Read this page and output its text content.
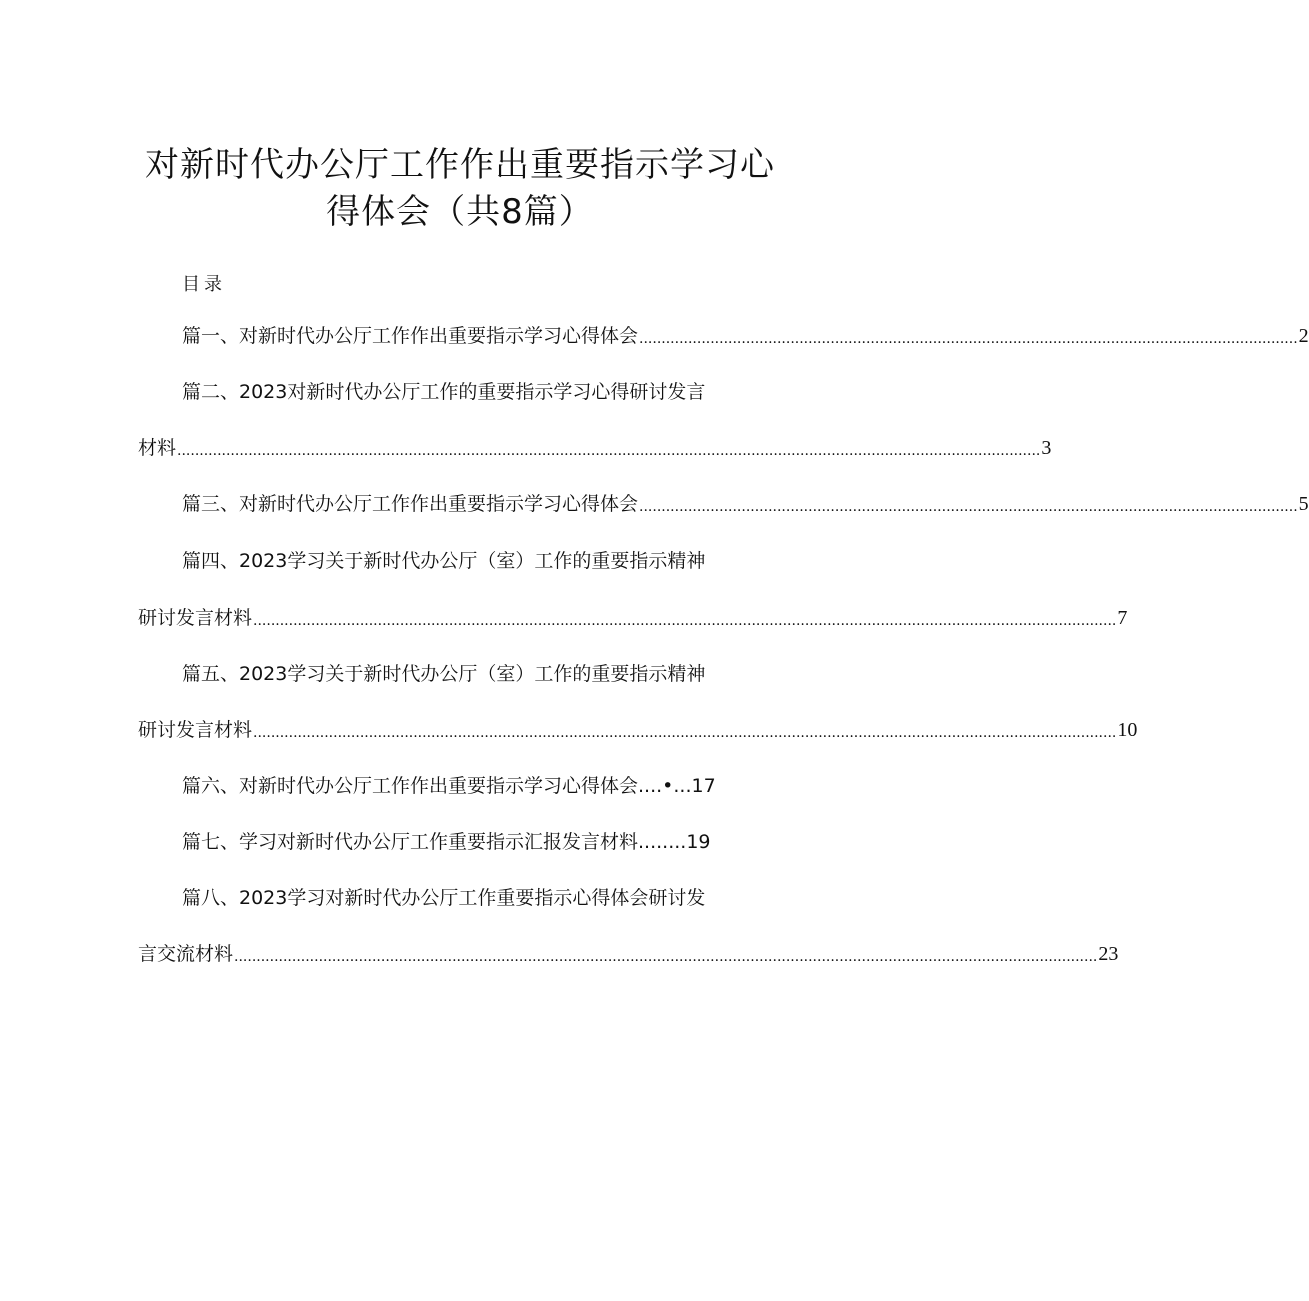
对新时代办公厅工作作出重要指示学习心
得体会（共8篇）
目录
篇一、对新时代办公厅工作作出重要指示学习心得体会 .................................................................................................................................................... 2
篇二、2023对新时代办公厅工作的重要指示学习心得研讨发言
材料 .................................................................................................................................................................................................. 3
篇三、对新时代办公厅工作作出重要指示学习心得体会 .................................................................................................................................................... 5
篇四、2023学习关于新时代办公厅（室）工作的重要指示精神
研讨发言材料 .................................................................................................................................................................................................. 7
篇五、2023学习关于新时代办公厅（室）工作的重要指示精神
研讨发言材料 .................................................................................................................................................................................................. 10
篇六、对新时代办公厅工作作出重要指示学习心得体会....•...17
篇七、学习对新时代办公厅工作重要指示汇报发言材料........19
篇八、2023学习对新时代办公厅工作重要指示心得体会研讨发
言交流材料 .................................................................................................................................................................................................. 23
